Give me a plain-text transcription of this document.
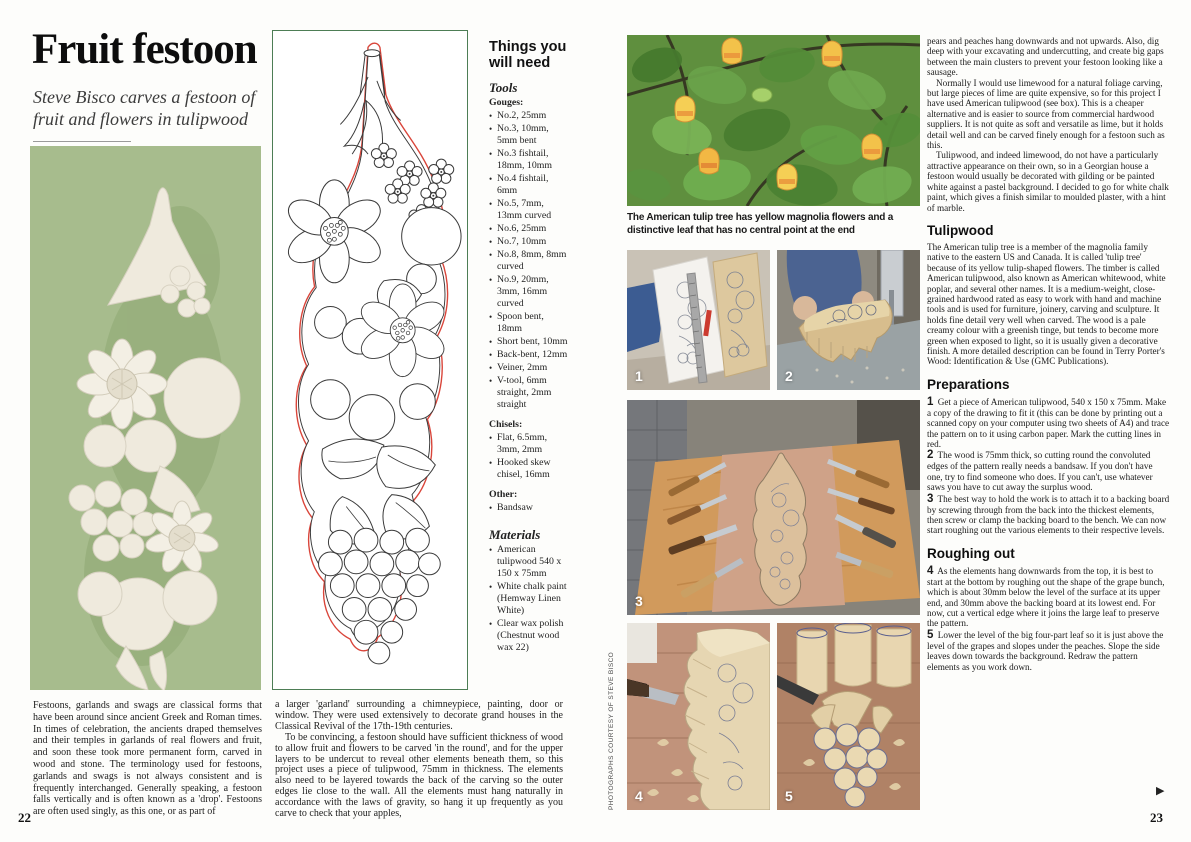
Fruit festoon
Steve Bisco carves a festoon of fruit and flowers in tulipwood
Things you will need
Tools
Gouges:
• No.2, 25mm
• No.3, 10mm, 5mm bent
• No.3 fishtail, 18mm, 10mm
• No.4 fishtail, 6mm
• No.5, 7mm, 13mm curved
• No.6, 25mm
• No.7, 10mm
• No.8, 8mm, 8mm curved
• No.9, 20mm, 3mm, 16mm curved
• Spoon bent, 18mm
• Short bent, 10mm
• Back-bent, 12mm
• Veiner, 2mm
• V-tool, 6mm straight, 2mm straight
Chisels:
• Flat, 6.5mm, 3mm, 2mm
• Hooked skew chisel, 16mm
Other:
• Bandsaw
Materials
• American tulipwood 540 x 150 x 75mm
• White chalk paint (Hemway Linen White)
• Clear wax polish (Chestnut wood wax 22)

Festoons, garlands and swags are classical forms that have been around since ancient Greek and Roman times. In times of celebration, the ancients draped themselves and their temples in garlands of real flowers and fruit, and soon these took more permanent form, carved in wood and stone. The terminology used for festoons, garlands and swags is not always consistent and is frequently interchanged. Generally speaking, a festoon falls vertically and is often known as a 'drop'. Festoons are often used singly, as this one, or as part of

a larger 'garland' surrounding a chimneypiece, painting, door or window. They were used extensively to decorate grand houses in the Classical Revival of the 17th-19th centuries.

To be convincing, a festoon should have sufficient thickness of wood to allow fruit and flowers to be carved 'in the round', and for the upper layers to be undercut to reveal other elements beneath them, so this project uses a piece of tulipwood, 75mm in thickness. The elements also need to be layered towards the back of the carving so the outer edges lie close to the wall. All the elements must hang naturally in accordance with the laws of gravity, so hang it up frequently as you carve to check that your apples,

22
The American tulip tree has yellow magnolia flowers and a distinctive leaf that has no central point at the end
1	2
3
4	5
PHOTOGRAPHS COURTESY OF STEVE BISCO

pears and peaches hang downwards and not upwards. Also, dig deep with your excavating and undercutting, and create big gaps between the main clusters to prevent your festoon looking like a sausage.

Normally I would use limewood for a natural foliage carving, but large pieces of lime are quite expensive, so for this project I have used American tulipwood (see box). This is a cheaper alternative and is easier to source from commercial hardwood suppliers. It is not quite as soft and versatile as lime, but it holds detail well and can be carved finely enough for a festoon such as this.

Tulipwood, and indeed limewood, do not have a particularly attractive appearance on their own, so in a Georgian house a festoon would usually be decorated with gilding or be painted white against a pastel background. I decided to go for white chalk paint, which gives a finish similar to moulded plaster, with a hint of marble.

Tulipwood

The American tulip tree is a member of the magnolia family native to the eastern US and Canada. It is called 'tulip tree' because of its yellow tulip-shaped flowers. The timber is called American tulipwood, also known as American whitewood, white poplar, and several other names. It is a medium-weight, close-grained hardwood rated as easy to work with hand and machine tools and is used for furniture, joinery, carving and sculpture. It holds fine detail very well when carved. The wood is a pale creamy colour with a greenish tinge, but tends to become more green when exposed to light, so it is usually given a decorative finish. A more detailed description can be found in Terry Porter's Wood: Identification & Use (GMC Publications).

Preparations

1 Get a piece of American tulipwood, 540 x 150 x 75mm. Make a copy of the drawing to fit it (this can be done by printing out a scanned copy on your computer using two sheets of A4) and trace the pattern on to it using carbon paper. Mark the cutting lines in red.

2 The wood is 75mm thick, so cutting round the convoluted edges of the pattern really needs a bandsaw. If you don't have one, try to find someone who does. If you can't, use whatever saws you have to cut away the surplus wood.

3 The best way to hold the work is to attach it to a backing board by screwing through from the back into the thickest elements, then screw or clamp the backing board to the bench. We can now start roughing out the various elements to their respective levels.

Roughing out

4 As the elements hang downwards from the top, it is best to start at the bottom by roughing out the shape of the grape bunch, which is about 30mm below the level of the surface at its upper end, and 30mm above the backing board at its lowest end. For now, cut a vertical edge where it joins the large leaf to preserve the pattern.

5 Lower the level of the big four-part leaf so it is just above the level of the grapes and slopes under the peaches. Slope the side leaves down towards the background. Redraw the pattern elements as you work down.

▶
23
